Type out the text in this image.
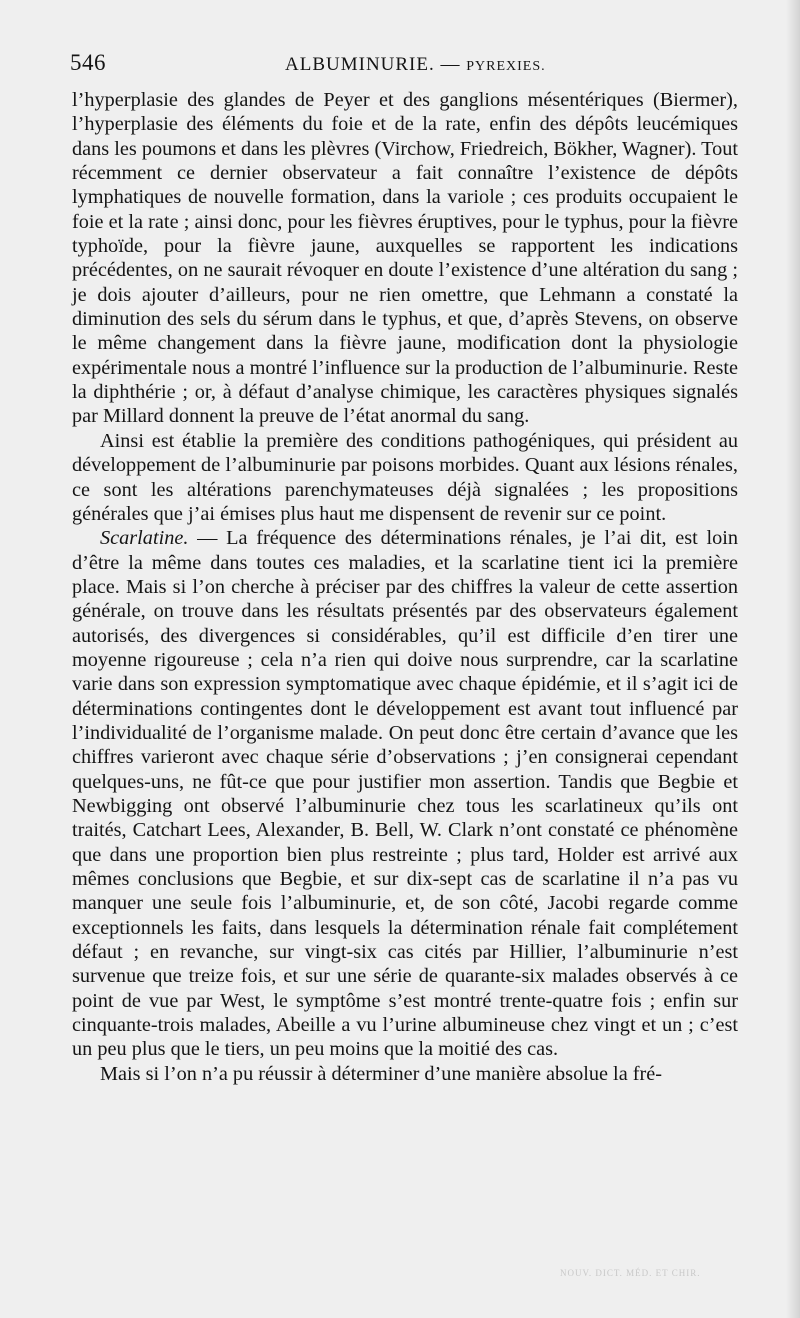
546	ALBUMINURIE. — PYREXIES.

l’hyperplasie des glandes de Peyer et des ganglions mésentériques (Biermer), l’hyperplasie des éléments du foie et de la rate, enfin des dépôts leucémiques dans les poumons et dans les plèvres (Virchow, Friedreich, Bökher, Wagner). Tout récemment ce dernier observateur a fait connaître l’existence de dépôts lymphatiques de nouvelle formation, dans la variole ; ces produits occupaient le foie et la rate ; ainsi donc, pour les fièvres éruptives, pour le typhus, pour la fièvre typhoïde, pour la fièvre jaune, auxquelles se rapportent les indications précédentes, on ne saurait révoquer en doute l’existence d’une altération du sang ; je dois ajouter d’ailleurs, pour ne rien omettre, que Lehmann a constaté la diminution des sels du sérum dans le typhus, et que, d’après Stevens, on observe le même changement dans la fièvre jaune, modification dont la physiologie expérimentale nous a montré l’influence sur la production de l’albuminurie. Reste la diphthérie ; or, à défaut d’analyse chimique, les caractères physiques signalés par Millard donnent la preuve de l’état anormal du sang.

Ainsi est établie la première des conditions pathogéniques, qui président au développement de l’albuminurie par poisons morbides. Quant aux lésions rénales, ce sont les altérations parenchymateuses déjà signalées ; les propositions générales que j’ai émises plus haut me dispensent de revenir sur ce point.

Scarlatine. — La fréquence des déterminations rénales, je l’ai dit, est loin d’être la même dans toutes ces maladies, et la scarlatine tient ici la première place. Mais si l’on cherche à préciser par des chiffres la valeur de cette assertion générale, on trouve dans les résultats présentés par des observateurs également autorisés, des divergences si considérables, qu’il est difficile d’en tirer une moyenne rigoureuse ; cela n’a rien qui doive nous surprendre, car la scarlatine varie dans son expression symptomatique avec chaque épidémie, et il s’agit ici de déterminations contingentes dont le développement est avant tout influencé par l’individualité de l’organisme malade. On peut donc être certain d’avance que les chiffres varieront avec chaque série d’observations ; j’en consignerai cependant quelques-uns, ne fût-ce que pour justifier mon assertion. Tandis que Begbie et Newbigging ont observé l’albuminurie chez tous les scarlatineux qu’ils ont traités, Catchart Lees, Alexander, B. Bell, W. Clark n’ont constaté ce phénomène que dans une proportion bien plus restreinte ; plus tard, Holder est arrivé aux mêmes conclusions que Begbie, et sur dix-sept cas de scarlatine il n’a pas vu manquer une seule fois l’albuminurie, et, de son côté, Jacobi regarde comme exceptionnels les faits, dans lesquels la détermination rénale fait complétement défaut ; en revanche, sur vingt-six cas cités par Hillier, l’albuminurie n’est survenue que treize fois, et sur une série de quarante-six malades observés à ce point de vue par West, le symptôme s’est montré trente-quatre fois ; enfin sur cinquante-trois malades, Abeille a vu l’urine albumineuse chez vingt et un ; c’est un peu plus que le tiers, un peu moins que la moitié des cas.

Mais si l’on n’a pu réussir à déterminer d’une manière absolue la fré-

NOUV. DICT. MÉD. ET CHIR.
